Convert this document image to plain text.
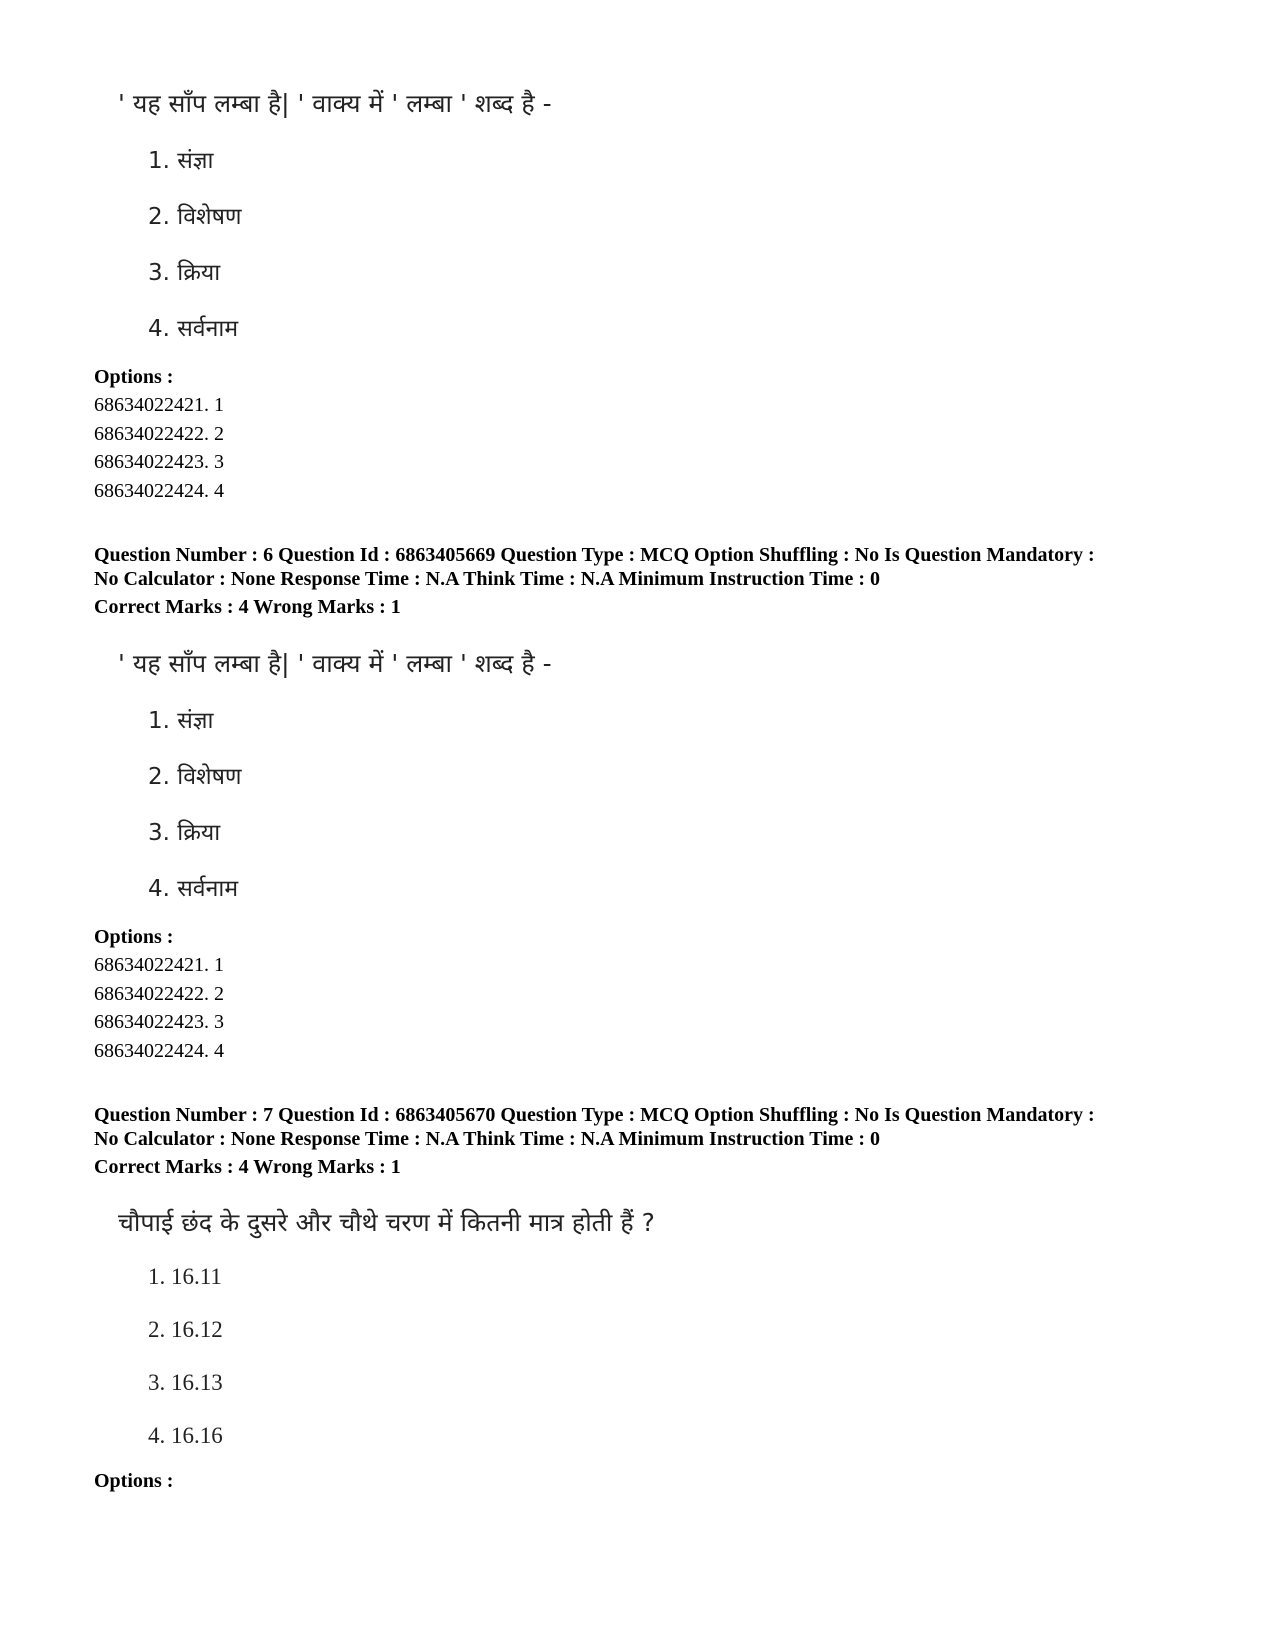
' यह साँप लम्बा है| ' वाक्य में ' लम्बा ' शब्द है -
1. संज्ञा
2. विशेषण
3. क्रिया
4. सर्वनाम
Options :
68634022421. 1
68634022422. 2
68634022423. 3
68634022424. 4
Question Number : 6 Question Id : 6863405669 Question Type : MCQ Option Shuffling : No Is Question Mandatory :
No Calculator : None Response Time : N.A Think Time : N.A Minimum Instruction Time : 0
Correct Marks : 4 Wrong Marks : 1
' यह साँप लम्बा है| ' वाक्य में ' लम्बा ' शब्द है -
1. संज्ञा
2. विशेषण
3. क्रिया
4. सर्वनाम
Options :
68634022421. 1
68634022422. 2
68634022423. 3
68634022424. 4
Question Number : 7 Question Id : 6863405670 Question Type : MCQ Option Shuffling : No Is Question Mandatory :
No Calculator : None Response Time : N.A Think Time : N.A Minimum Instruction Time : 0
Correct Marks : 4 Wrong Marks : 1
चौपाई छंद के दुसरे और चौथे चरण में कितनी मात्र होती हैं ?
1. 16.11
2. 16.12
3. 16.13
4. 16.16
Options :
